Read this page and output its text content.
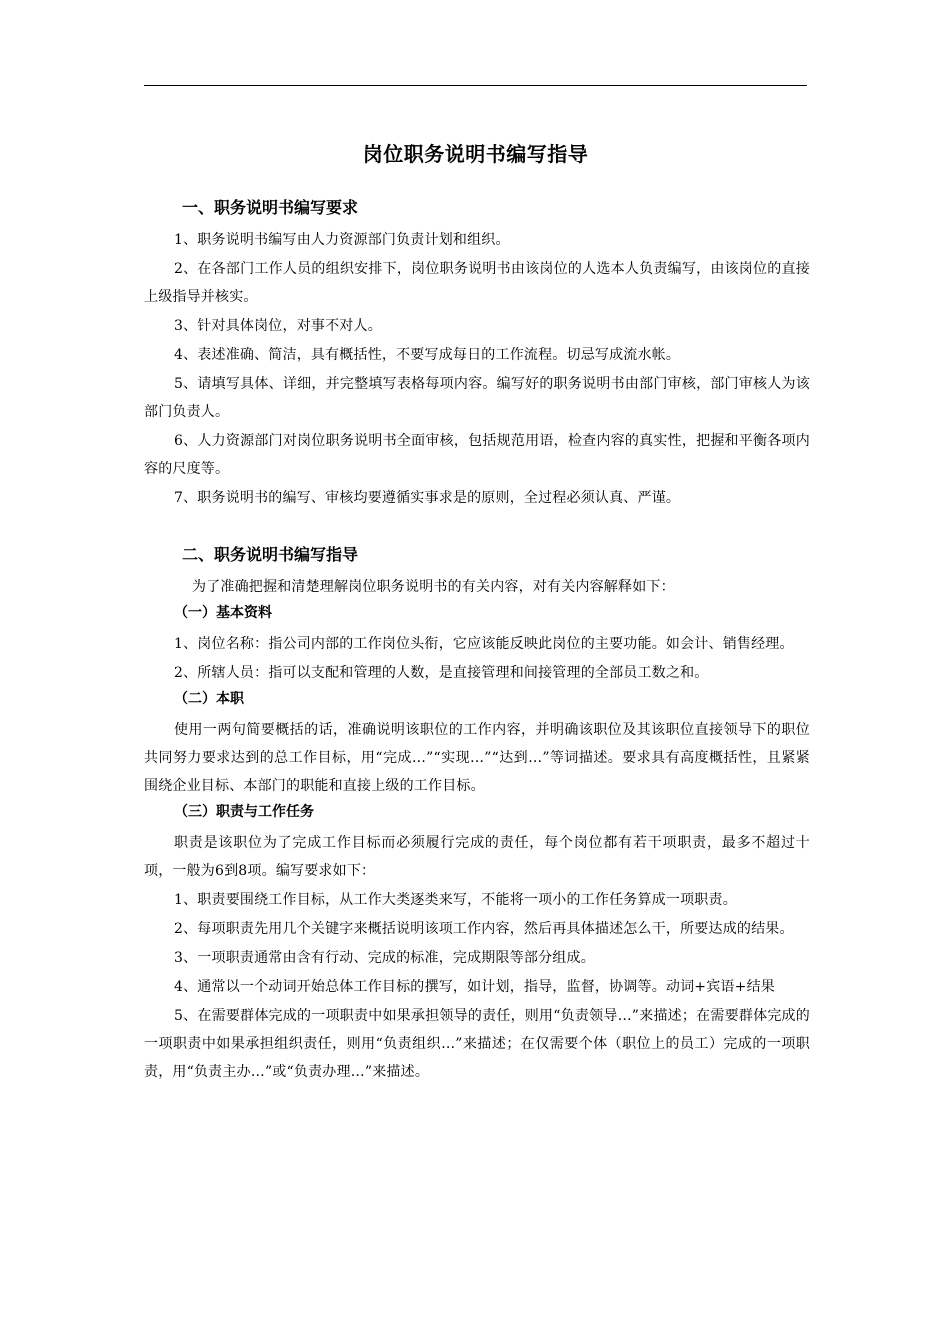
岗位职务说明书编写指导
一、职务说明书编写要求
1、职务说明书编写由人力资源部门负责计划和组织。
2、在各部门工作人员的组织安排下，岗位职务说明书由该岗位的人选本人负责编写，由该岗位的直接上级指导并核实。
3、针对具体岗位，对事不对人。
4、表述准确、简洁，具有概括性，不要写成每日的工作流程。切忌写成流水帐。
5、请填写具体、详细，并完整填写表格每项内容。编写好的职务说明书由部门审核，部门审核人为该部门负责人。
6、人力资源部门对岗位职务说明书全面审核，包括规范用语，检查内容的真实性，把握和平衡各项内容的尺度等。
7、职务说明书的编写、审核均要遵循实事求是的原则，全过程必须认真、严谨。
二、职务说明书编写指导
为了准确把握和清楚理解岗位职务说明书的有关内容，对有关内容解释如下：
（一）基本资料
1、岗位名称：指公司内部的工作岗位头衔，它应该能反映此岗位的主要功能。如会计、销售经理。
2、所辖人员：指可以支配和管理的人数，是直接管理和间接管理的全部员工数之和。
（二）本职
使用一两句简要概括的话，准确说明该职位的工作内容，并明确该职位及其该职位直接领导下的职位共同努力要求达到的总工作目标，用“完成…”“实现…”“达到…”等词描述。要求具有高度概括性，且紧紧围绕企业目标、本部门的职能和直接上级的工作目标。
（三）职责与工作任务
职责是该职位为了完成工作目标而必须履行完成的责任，每个岗位都有若干项职责，最多不超过十项，一般为6到8项。编写要求如下：
1、职责要围绕工作目标，从工作大类逐类来写，不能将一项小的工作任务算成一项职责。
2、每项职责先用几个关键字来概括说明该项工作内容，然后再具体描述怎么干，所要达成的结果。
3、一项职责通常由含有行动、完成的标准，完成期限等部分组成。
4、通常以一个动词开始总体工作目标的撰写，如计划，指导，监督，协调等。动词+宾语+结果
5、在需要群体完成的一项职责中如果承担领导的责任，则用“负责领导…”来描述；在需要群体完成的一项职责中如果承担组织责任，则用“负责组织…”来描述；在仅需要个体（职位上的员工）完成的一项职责，用“负责主办…”或“负责办理…”来描述。
